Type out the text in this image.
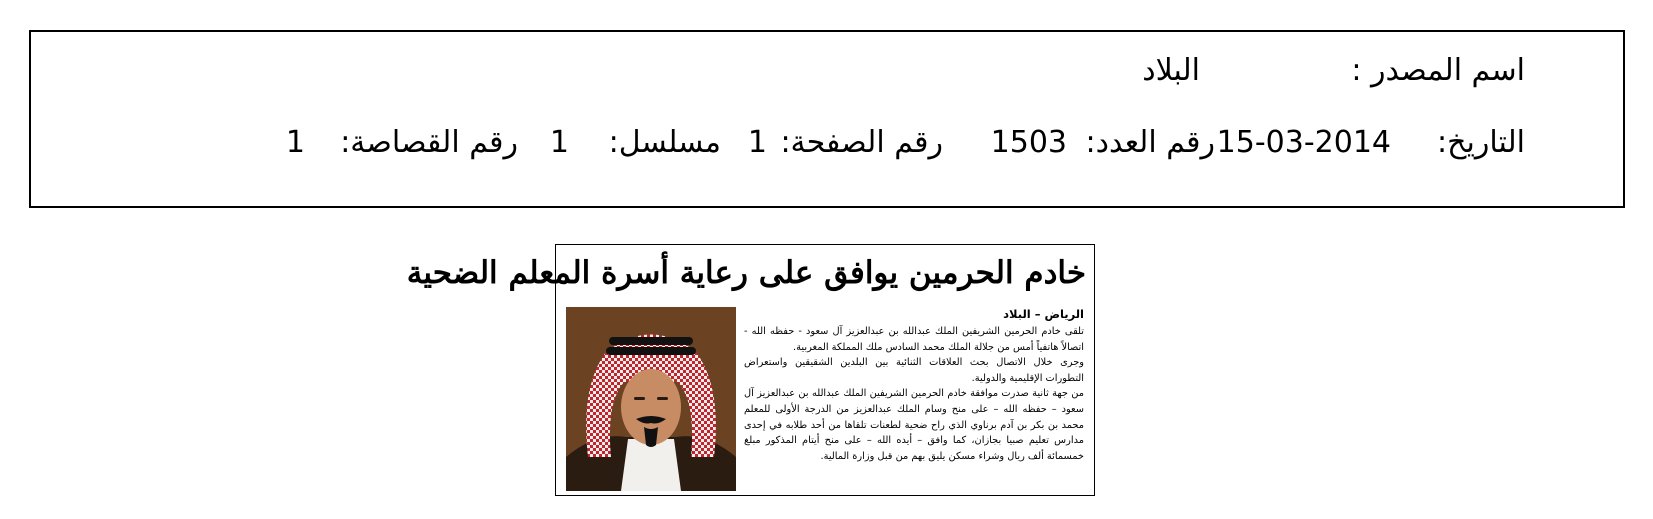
اسم المصدر :
البلاد
التاريخ:
15-03-2014
رقم العدد:
1503
رقم الصفحة:
1
مسلسل:
1
رقم القصاصة:
1
خادم الحرمين يوافق على رعاية أسرة المعلم الضحية
الرياض – البلاد
تلقى خادم الحرمين الشريفين الملك عبدالله بن عبدالعزيز آل سعود - حفظه الله - اتصالاً هاتفياً أمس من جلالة الملك محمد السادس ملك المملكة المغربية.
وجرى خلال الاتصال بحث العلاقات الثنائية بين البلدين الشقيقين واستعراض التطورات الإقليمية والدولية.
من جهة ثانية صدرت موافقة خادم الحرمين الشريفين الملك عبدالله بن عبدالعزيز آل سعود – حفظه الله – على منح وسام الملك عبدالعزيز من الدرجة الأولى للمعلم محمد بن بكر بن آدم برناوي الذي راح ضحية لطعنات تلقاها من أحد طلابه في إحدى مدارس تعليم صبيا بجازان، كما وافق – أيده الله – على منح أيتام المذكور مبلغ خمسمائة ألف ريال وشراء مسكن يليق بهم من قبل وزارة المالية.
